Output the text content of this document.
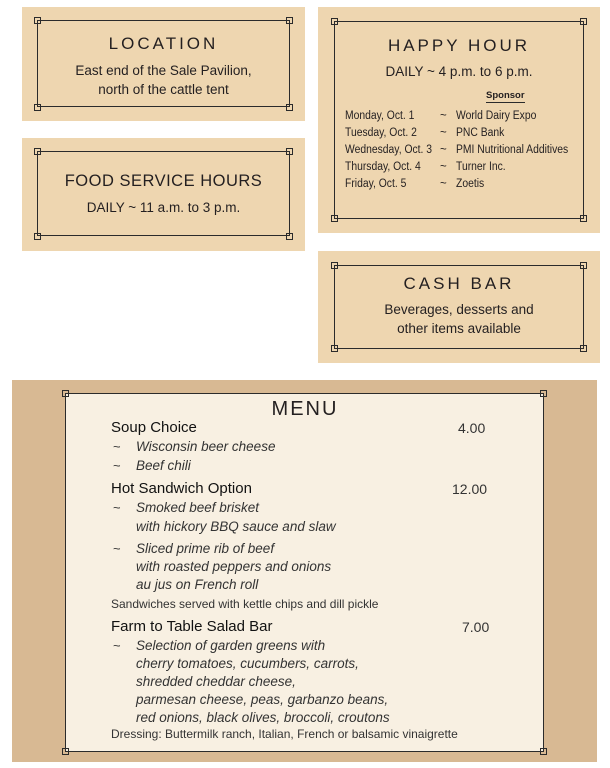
LOCATION
East end of the Sale Pavilion,
north of the cattle tent
FOOD SERVICE HOURS
DAILY ~ 11 a.m. to 3 p.m.
HAPPY HOUR
DAILY ~ 4 p.m. to 6 p.m.
Sponsor
Monday, Oct. 1 ~ World Dairy Expo
Tuesday, Oct. 2 ~ PNC Bank
Wednesday, Oct. 3 ~ PMI Nutritional Additives
Thursday, Oct. 4 ~ Turner Inc.
Friday, Oct. 5	~ Zoetis
CASH BAR
Beverages, desserts and
other items available
MENU
Soup Choice	4.00
~ Wisconsin beer cheese
~ Beef chili
Hot Sandwich Option	12.00
~ Smoked beef brisket
with hickory BBQ sauce and slaw
~ Sliced prime rib of beef
with roasted peppers and onions
au jus on French roll
Sandwiches served with kettle chips and dill pickle
Farm to Table Salad Bar	7.00
~ Selection of garden greens with
cherry tomatoes, cucumbers, carrots,
shredded cheddar cheese,
parmesan cheese, peas, garbanzo beans,
red onions, black olives, broccoli, croutons
Dressing: Buttermilk ranch, Italian, French or balsamic vinaigrette
